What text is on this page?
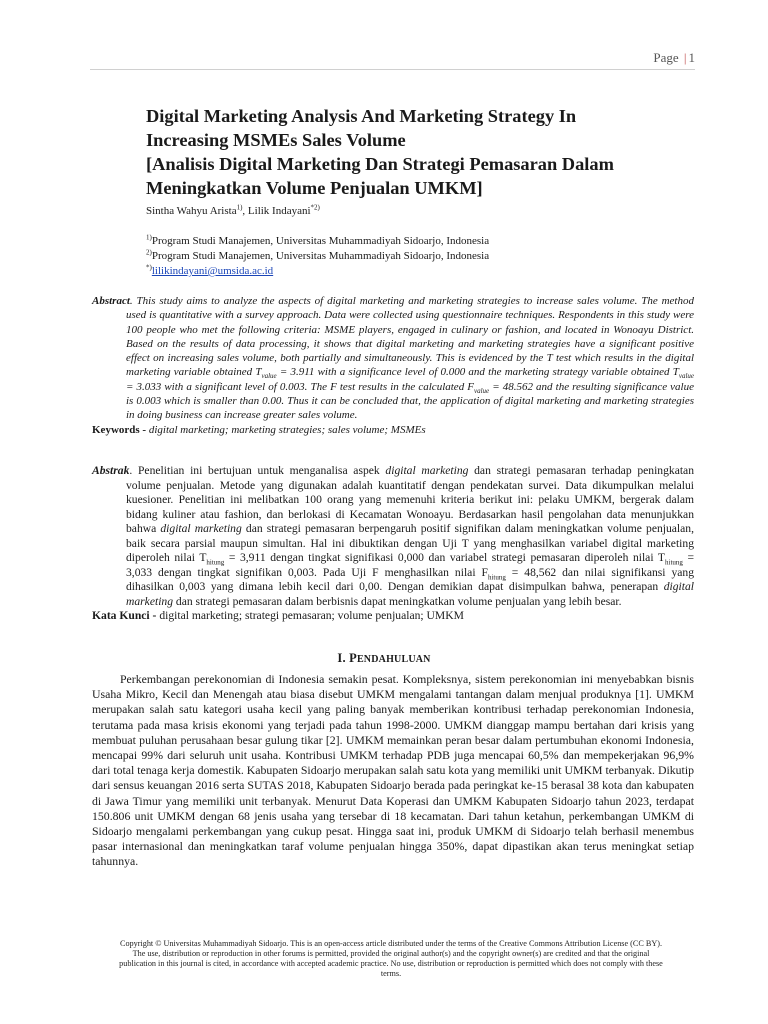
Page | 1
Digital Marketing Analysis And Marketing Strategy In
Increasing MSMEs Sales Volume
[Analisis Digital Marketing Dan Strategi Pemasaran Dalam
Meningkatkan Volume Penjualan UMKM]
Sintha Wahyu Arista$^{1)}$, Lilik Indayani$^{*2)}$
$^{1)}$Program Studi Manajemen, Universitas Muhammadiyah Sidoarjo, Indonesia
$^{2)}$Program Studi Manajemen, Universitas Muhammadiyah Sidoarjo, Indonesia
*)lilikindayani@umsida.ac.id

Abstract. This study aims to analyze the aspects of digital marketing and marketing strategies to increase sales volume. The method used is quantitative with a survey approach. Data were collected using questionnaire techniques. Respondents in this study were 100 people who met the following criteria: MSME players, engaged in culinary or fashion, and located in Wonoayu District. Based on the results of data processing, it shows that digital marketing and marketing strategies have a significant positive effect on increasing sales volume, both partially and simultaneously. This is evidenced by the T test which results in the digital marketing variable obtained $T_{value} = 3.911$ with a significance level of 0.000 and the marketing strategy variable obtained $T_{value} = 3.033$ with a significant level of 0.003. The F test results in the calculated $F_{value} = 48.562$ and the resulting significance value is 0.003 which is smaller than 0.00. Thus it can be concluded that, the application of digital marketing and marketing strategies in doing business can increase greater sales volume.

Keywords - digital marketing; marketing strategies; sales volume; MSMEs

Abstrak. Penelitian ini bertujuan untuk menganalisa aspek digital marketing dan strategi pemasaran terhadap peningkatan volume penjualan. Metode yang digunakan adalah kuantitatif dengan pendekatan survei. Data dikumpulkan melalui kuesioner. Penelitian ini melibatkan 100 orang yang memenuhi kriteria berikut ini: pelaku UMKM, bergerak dalam bidang kuliner atau fashion, dan berlokasi di Kecamatan Wonoayu. Berdasarkan hasil pengolahan data menunjukkan bahwa digital marketing dan strategi pemasaran berpengaruh positif signifikan dalam meningkatkan volume penjualan, baik secara parsial maupun simultan. Hal ini dibuktikan dengan Uji T yang menghasilkan variabel digital marketing diperoleh nilai $T_{hitung} = 3,911$ dengan tingkat signifikasi 0,000 dan variabel strategi pemasaran diperoleh nilai $T_{hitung} = 3,033$ dengan tingkat signifikan 0,003. Pada Uji F menghasilkan nilai $F_{hitung} = 48,562$ dan nilai signifikansi yang dihasilkan 0,003 yang dimana lebih kecil dari 0,00. Dengan demikian dapat disimpulkan bahwa, penerapan digital marketing dan strategi pemasaran dalam berbisnis dapat meningkatkan volume penjualan yang lebih besar.

Kata Kunci - digital marketing; strategi pemasaran; volume penjualan; UMKM

I. PENDAHULUAN

Perkembangan perekonomian di Indonesia semakin pesat. Kompleksnya, sistem perekonomian ini menyebabkan bisnis Usaha Mikro, Kecil dan Menengah atau biasa disebut UMKM mengalami tantangan dalam menjual produknya [1]. UMKM merupakan salah satu kategori usaha kecil yang paling banyak memberikan kontribusi terhadap perekonomian Indonesia, terutama pada masa krisis ekonomi yang terjadi pada tahun 1998-2000. UMKM dianggap mampu bertahan dari krisis yang membuat puluhan perusahaan besar gulung tikar [2]. UMKM memainkan peran besar dalam pertumbuhan ekonomi Indonesia, mencapai 99% dari seluruh unit usaha. Kontribusi UMKM terhadap PDB juga mencapai 60,5% dan mempekerjakan 96,9% dari total tenaga kerja domestik. Kabupaten Sidoarjo merupakan salah satu kota yang memiliki unit UMKM terbanyak. Dikutip dari sensus keuangan 2016 serta SUTAS 2018, Kabupaten Sidoarjo berada pada peringkat ke-15 berasal 38 kota dan kabupaten di Jawa Timur yang memiliki unit terbanyak. Menurut Data Koperasi dan UMKM Kabupaten Sidoarjo tahun 2023, terdapat 150.806 unit UMKM dengan 68 jenis usaha yang tersebar di 18 kecamatan. Dari tahun ketahun, perkembangan UMKM di Sidoarjo mengalami perkembangan yang cukup pesat. Hingga saat ini, produk UMKM di Sidoarjo telah berhasil menembus pasar internasional dan meningkatkan taraf volume penjualan hingga 350%, dapat dipastikan akan terus meningkat setiap tahunnya.

Copyright © Universitas Muhammadiyah Sidoarjo. This is an open-access article distributed under the terms of the Creative Commons Attribution License (CC BY). The use, distribution or reproduction in other forums is permitted, provided the original author(s) and the copyright owner(s) are credited and that the original publication in this journal is cited, in accordance with accepted academic practice. No use, distribution or reproduction is permitted which does not comply with these terms.
